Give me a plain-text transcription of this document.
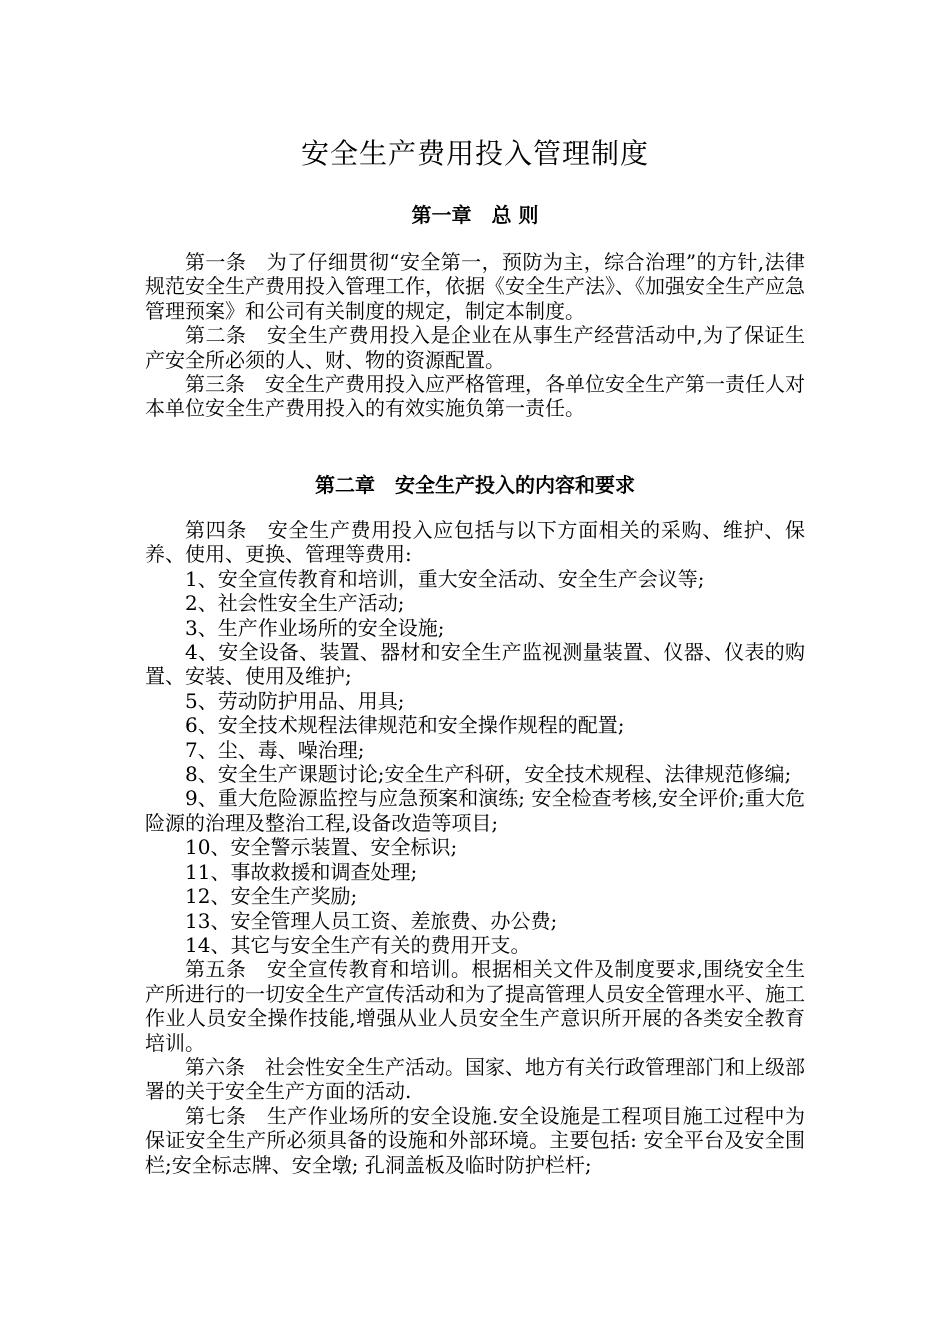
安全生产费用投入管理制度
第一章　总 则

第一条　为了仔细贯彻“安全第一，预防为主，综合治理”的方针,法律规范安全生产费用投入管理工作，依据《安全生产法》、《加强安全生产应急管理预案》和公司有关制度的规定，制定本制度。

第二条　安全生产费用投入是企业在从事生产经营活动中,为了保证生产安全所必须的人、财、物的资源配置。

第三条　安全生产费用投入应严格管理，各单位安全生产第一责任人对本单位安全生产费用投入的有效实施负第一责任。

第二章　安全生产投入的内容和要求

第四条　安全生产费用投入应包括与以下方面相关的采购、维护、保养、使用、更换、管理等费用:

1、安全宣传教育和培训，重大安全活动、安全生产会议等;

2、社会性安全生产活动;

3、生产作业场所的安全设施;

4、安全设备、装置、器材和安全生产监视测量装置、仪器、仪表的购置、安装、使用及维护;

5、劳动防护用品、用具;

6、安全技术规程法律规范和安全操作规程的配置;

7、尘、毒、噪治理;

8、安全生产课题讨论;安全生产科研，安全技术规程、法律规范修编;

9、重大危险源监控与应急预案和演练; 安全检查考核,安全评价;重大危险源的治理及整治工程,设备改造等项目;

10、安全警示装置、安全标识;

11、事故救援和调查处理;

12、安全生产奖励;

13、安全管理人员工资、差旅费、办公费;

14、其它与安全生产有关的费用开支。

第五条　安全宣传教育和培训。根据相关文件及制度要求,围绕安全生产所进行的一切安全生产宣传活动和为了提高管理人员安全管理水平、施工作业人员安全操作技能,增强从业人员安全生产意识所开展的各类安全教育培训。

第六条　社会性安全生产活动。国家、地方有关行政管理部门和上级部署的关于安全生产方面的活动.

第七条　生产作业场所的安全设施.安全设施是工程项目施工过程中为保证安全生产所必须具备的设施和外部环境。主要包括: 安全平台及安全围栏;安全标志牌、安全墩; 孔洞盖板及临时防护栏杆;
